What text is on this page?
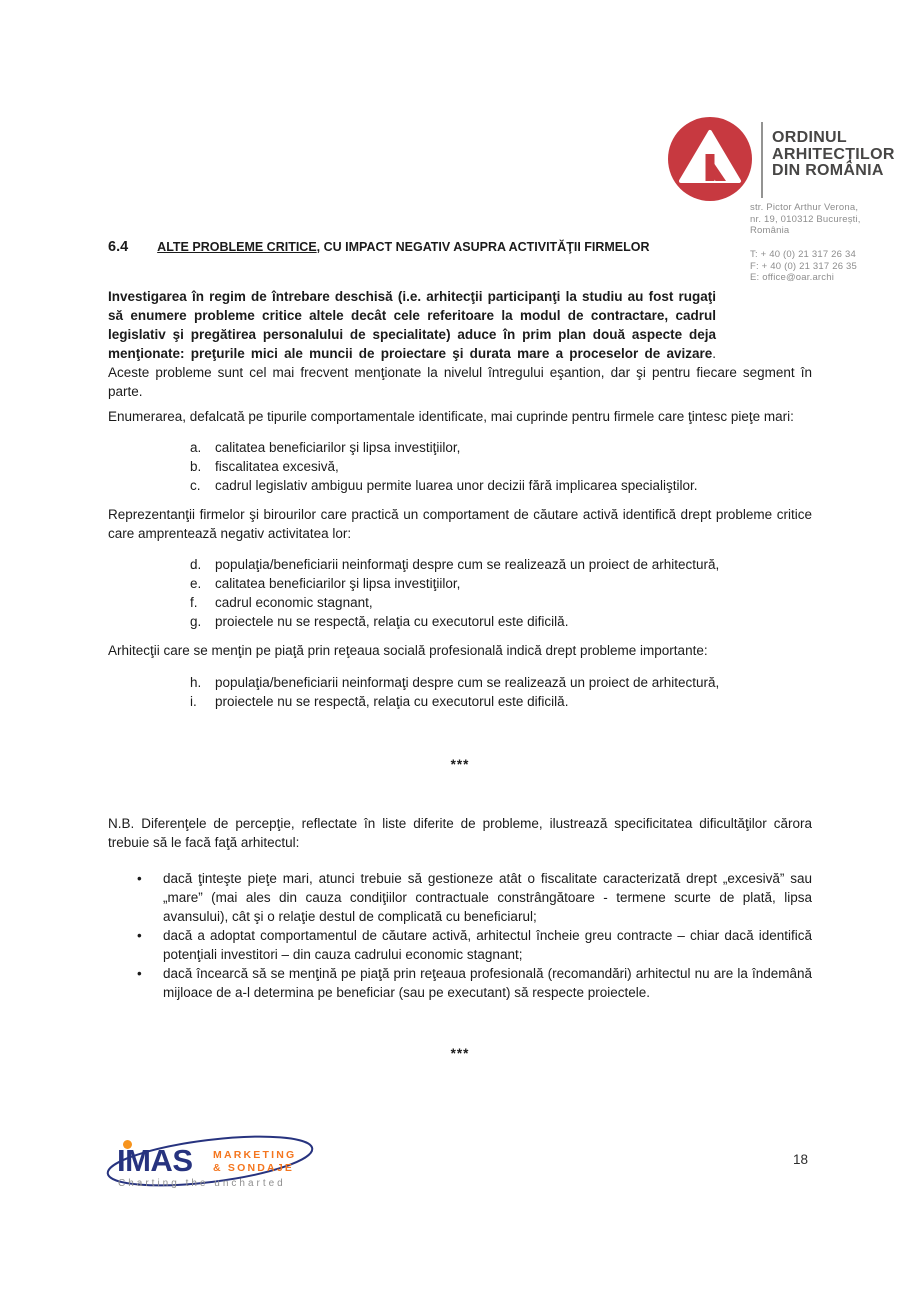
ORDINUL
ARHITECȚILOR
DIN ROMÂNIA
str. Pictor Arthur Verona,
nr. 19, 010312 București,
România
T: + 40 (0) 21 317 26 34
F: + 40 (0) 21 317 26 35
E: office@oar.archi
6.4 ALTE PROBLEME CRITICE , CU IMPACT NEGATIV ASUPRA ACTIVITĂŢII FIRMELOR

Investigarea în regim de întrebare deschisă (i.e. arhitecţii participanţi la studiu au fost rugaţi să enumere probleme critice altele decât cele referitoare la modul de contractare, cadrul legislativ şi pregătirea personalului de specialitate) aduce în prim plan două aspecte deja menţionate: preţurile mici ale muncii de proiectare şi durata mare a proceselor de avizare. Aceste probleme sunt cel mai frecvent menţionate la nivelul întregului eşantion, dar şi pentru fiecare segment în parte.

Enumerarea, defalcată pe tipurile comportamentale identificate, mai cuprinde pentru firmele care ţintesc pieţe mari:

a.	calitatea beneficiarilor şi lipsa investiţiilor,
b.	fiscalitatea excesivă,
c.	cadrul legislativ ambiguu permite luarea unor decizii fără implicarea specialiştilor.

Reprezentanţii firmelor şi birourilor care practică un comportament de căutare activă identifică drept probleme critice care amprentează negativ activitatea lor:

d.	populaţia/beneficiarii neinformaţi despre cum se realizează un proiect de arhitectură,
e.	calitatea beneficiarilor şi lipsa investiţiilor,
f.	cadrul economic stagnant,
g.	proiectele nu se respectă, relaţia cu executorul este dificilă.

Arhitecţii care se menţin pe piaţă prin reţeaua socială profesională indică drept probleme importante:

h.	populaţia/beneficiarii neinformaţi despre cum se realizează un proiect de arhitectură,
i.	proiectele nu se respectă, relaţia cu executorul este dificilă.
***

N.B. Diferenţele de percepţie, reflectate în liste diferite de probleme, ilustrează specificitatea dificultăţilor cărora trebuie să le facă faţă arhitectul:

•	dacă ţinteşte pieţe mari, atunci trebuie să gestioneze atât o fiscalitate caracterizată drept „excesivă” sau „mare” (mai ales din cauza condiţiilor contractuale constrângătoare - termene scurte de plată, lipsa avansului), cât şi o relaţie destul de complicată cu beneficiarul;
•	dacă a adoptat comportamentul de căutare activă, arhitectul încheie greu contracte – chiar dacă identifică potenţiali investitori – din cauza cadrului economic stagnant;
•	dacă încearcă să se menţină pe piaţă prin reţeaua profesională (recomandări) arhitectul nu are la îndemână mijloace de a-l determina pe beneficiar (sau pe executant) să respecte proiectele.
***
IMAS MARKETING
& SONDAJE
Charting the uncharted
18
